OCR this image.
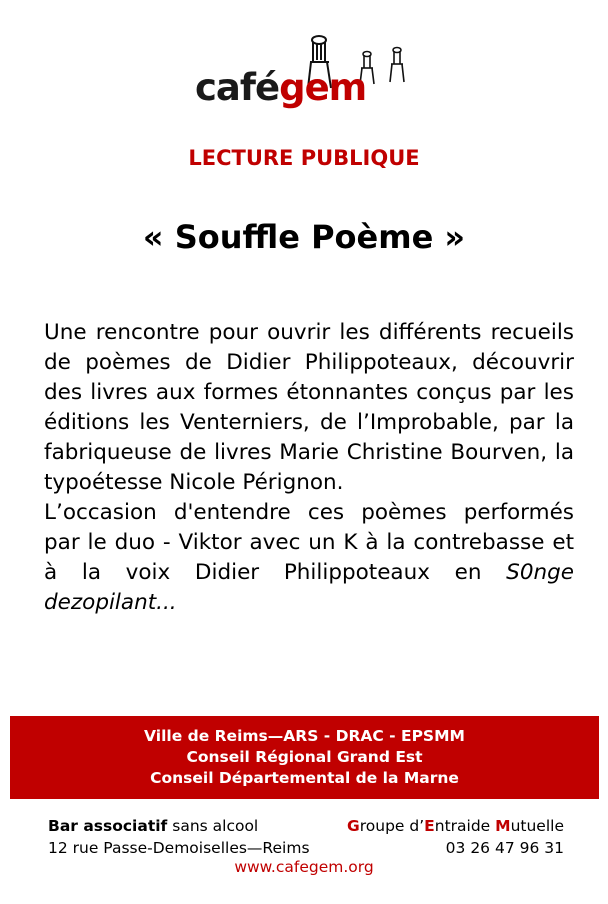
cafégem
LECTURE PUBLIQUE
« Souffle Poème »

Une rencontre pour ouvrir les différents recueils de poèmes de Didier Philippoteaux, découvrir des livres aux formes étonnantes conçus par les éditions les Venterniers, de l’Improbable, par la fabriqueuse de livres Marie Christine Bourven, la typoétesse Nicole Pérignon.

L’occasion d'entendre ces poèmes performés par le duo - Viktor avec un K à la contrebasse et à la voix Didier Philippoteaux en S0nge dezopilant...

Ville de Reims—ARS - DRAC - EPSMM
Conseil Régional Grand Est
Conseil Départemental de la Marne
Bar associatif sans alcool	Groupe d’Entraide Mutuelle
12 rue Passe-Demoiselles—Reims	03 26 47 96 31
www.cafegem.org
